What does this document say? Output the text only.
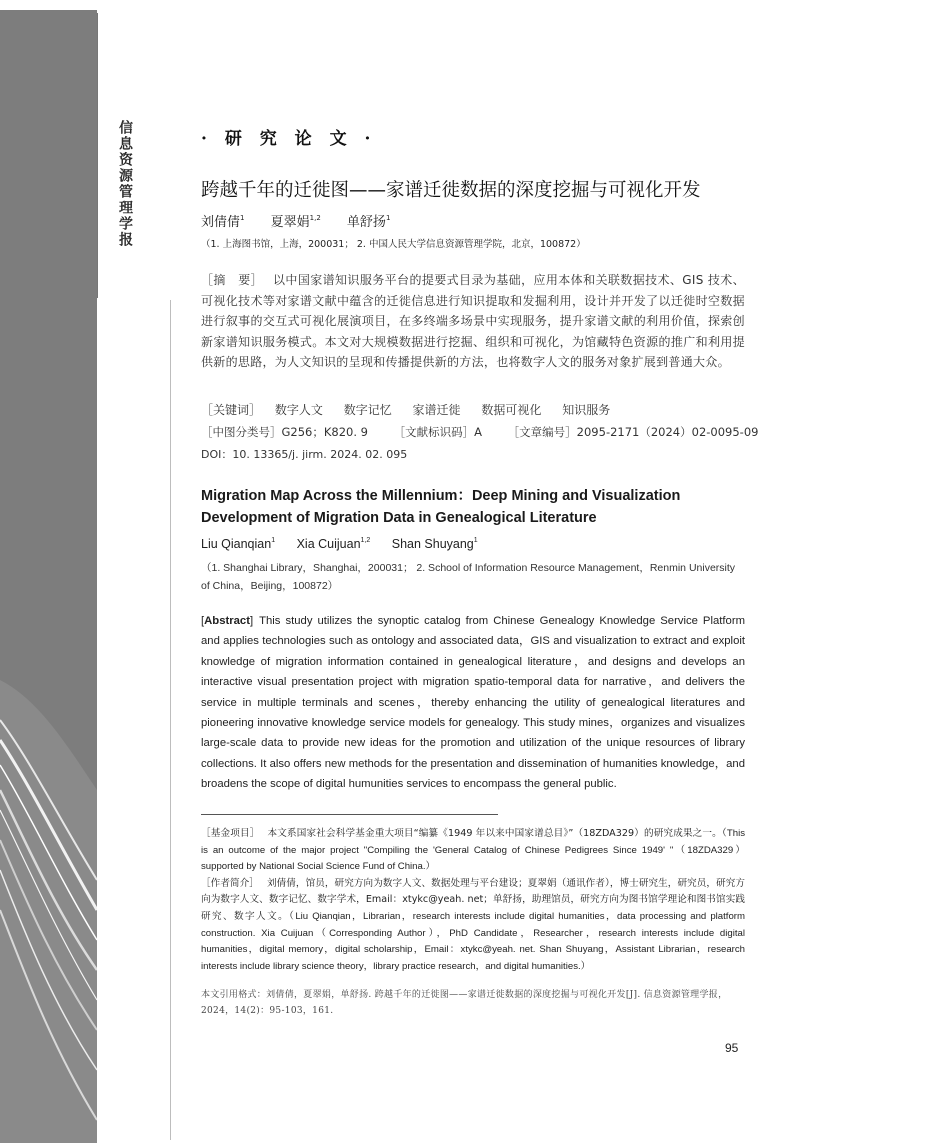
信息资源管理学报
Journal of
Information Resources
Management
· 研 究 论 文 ·
跨越千年的迁徙图——家谱迁徙数据的深度挖掘与可视化开发
刘倩倩$^1$ 夏翠娟$^{1,2}$ 单舒扬$^1$
（1. 上海图书馆，上海，200031； 2. 中国人民大学信息资源管理学院，北京，100872）
［摘　要］ 以中国家谱知识服务平台的提要式目录为基础，应用本体和关联数据技术、GIS 技术、可视化技术等对家谱文献中蕴含的迁徙信息进行知识提取和发掘利用，设计并开发了以迁徙时空数据进行叙事的交互式可视化展演项目，在多终端多场景中实现服务，提升家谱文献的利用价值，探索创新家谱知识服务模式。本文对大规模数据进行挖掘、组织和可视化，为馆藏特色资源的推广和利用提供新的思路，为人文知识的呈现和传播提供新的方法，也将数字人文的服务对象扩展到普通大众。
［关键词］ 数字人文 数字记忆 家谱迁徙 数据可视化 知识服务
［中图分类号］G256；K820. 9 ［文献标识码］A ［文章编号］2095-2171（2024）02-0095-09
DOI：10. 13365/j. jirm. 2024. 02. 095
Migration Map Across the Millennium：Deep Mining and Visualization Development of Migration Data in Genealogical Literature
Liu Qianqian$^1$ Xia Cuijuan$^{1,2}$ Shan Shuyang$^1$
（1. Shanghai Library，Shanghai，200031； 2. School of Information Resource Management，Renmin University of China，Beijing，100872）
[Abstract] This study utilizes the synoptic catalog from Chinese Genealogy Knowledge Service Platform and applies technologies such as ontology and associated data，GIS and visualization to extract and exploit knowledge of migration information contained in genealogical literature，and designs and develops an interactive visual presentation project with migration spatio-temporal data for narrative，and delivers the service in multiple terminals and scenes，thereby enhancing the utility of genealogical literatures and pioneering innovative knowledge service models for genealogy. This study mines，organizes and visualizes large-scale data to provide new ideas for the promotion and utilization of the unique resources of library collections. It also offers new methods for the presentation and dissemination of humanities knowledge，and broadens the scope of digital humunities services to encompass the general public.
［基金项目］ 本文系国家社会科学基金重大项目“编纂《1949 年以来中国家谱总目》”（18ZDA329）的研究成果之一。（This is an outcome of the major project "Compiling the 'General Catalog of Chinese Pedigrees Since 1949' "（18ZDA329）supported by National Social Science Fund of China.）
［作者简介］ 刘倩倩，馆员，研究方向为数字人文、数据处理与平台建设；夏翠娟（通讯作者），博士研究生，研究员，研究方向为数字人文、数字记忆、数字学术，Email：xtykc@yeah. net；单舒扬，助理馆员，研究方向为图书馆学理论和图书馆实践研究、数字人文。（Liu Qianqian，Librarian，research interests include digital humanities，data processing and platform construction. Xia Cuijuan（Corresponding Author），PhD Candidate，Researcher，research interests include digital humanities，digital memory，digital scholarship，Email：xtykc@yeah. net. Shan Shuyang，Assistant Librarian，research interests include library science theory，library practice research，and digital humanities.）
本文引用格式：刘倩倩，夏翠娟，单舒扬. 跨越千年的迁徙图——家谱迁徙数据的深度挖掘与可视化开发[J]. 信息资源管理学报，2024，14(2)：95-103，161.
95
